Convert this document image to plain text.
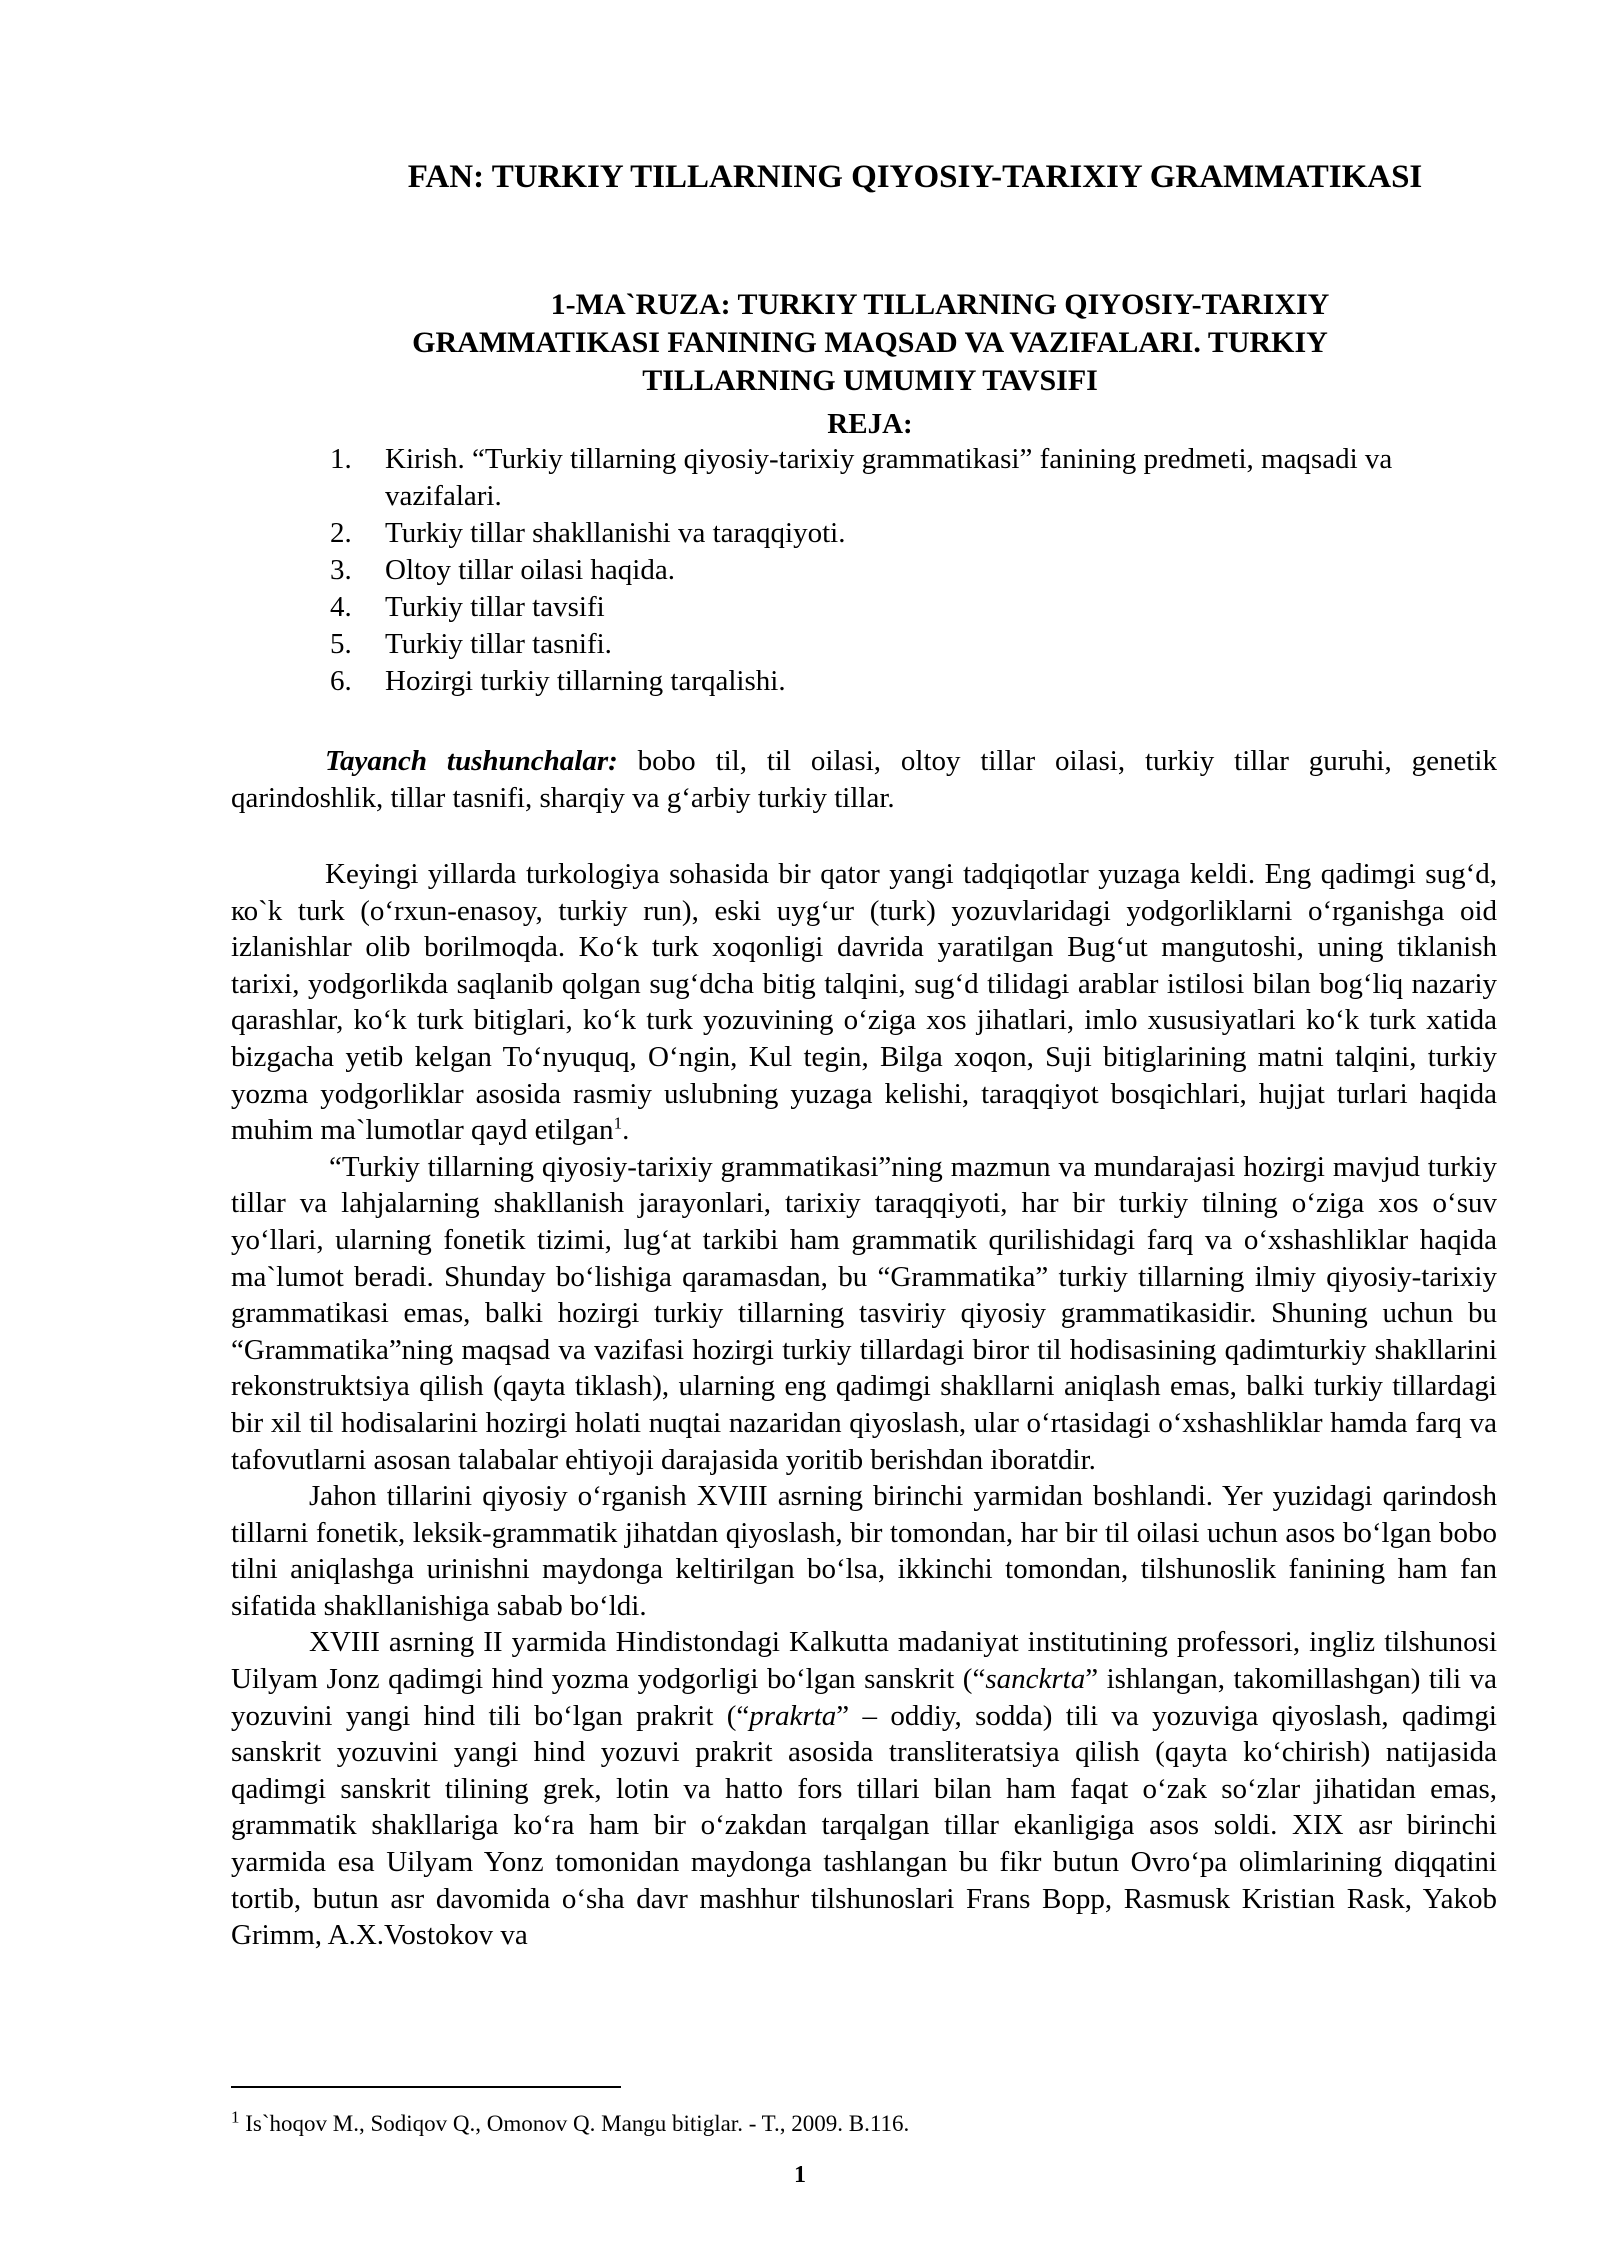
FAN: TURKIY TILLARNING QIYOSIY-TARIXIY GRAMMATIKASI
1-MA`RUZA: TURKIY TILLARNING QIYOSIY-TARIXIY
GRAMMATIKASI FANINING MAQSAD VA VAZIFALARI. TURKIY
TILLARNING UMUMIY TAVSIFI
REJA:
1. Kirish. “Turkiy tillarning qiyosiy-tarixiy grammatikasi” fanining predmeti, maqsadi va vazifalari.
2. Turkiy tillar shakllanishi va taraqqiyoti.
3. Oltoy tillar oilasi haqida.
4. Turkiy tillar tavsifi
5. Turkiy tillar tasnifi.
6. Hozirgi turkiy tillarning tarqalishi.

Tayanch tushunchalar: bobo til, til oilasi, oltoy tillar oilasi, turkiy tillar guruhi, genetik qarindoshlik, tillar tasnifi, sharqiy va g‘arbiy turkiy tillar.

Keyingi yillarda turkologiya sohasida bir qator yangi tadqiqotlar yuzaga keldi. Eng qadimgi sug‘d, ко`k turk (o‘rxun-enasoy, turkiy run), eski uyg‘ur (turk) yozuvlaridagi yodgorliklarni o‘rganishga oid izlanishlar olib borilmoqda. Ko‘k turk xoqonligi davrida yaratilgan Bug‘ut mangutoshi, uning tiklanish tarixi, yodgorlikda saqlanib qolgan sug‘dcha bitig talqini, sug‘d tilidagi arablar istilosi bilan bog‘liq nazariy qarashlar, ko‘k turk bitiglari, ko‘k turk yozuvining o‘ziga xos jihatlari, imlo xususiyatlari ko‘k turk xatida bizgacha yetib kelgan To‘nyuquq, O‘ngin, Kul tegin, Bilga xoqon, Suji bitiglarining matni talqini, turkiy yozma yodgorliklar asosida rasmiy uslubning yuzaga kelishi, taraqqiyot bosqichlari, hujjat turlari haqida muhim ma`lumotlar qayd etilgan$^1$.

“Turkiy tillarning qiyosiy-tarixiy grammatikasi”ning mazmun va mundarajasi hozirgi mavjud turkiy tillar va lahjalarning shakllanish jarayonlari, tarixiy taraqqiyoti, har bir turkiy tilning o‘ziga xos o‘suv yo‘llari, ularning fonetik tizimi, lug‘at tarkibi ham grammatik qurilishidagi farq va o‘xshashliklar haqida ma`lumot beradi. Shunday bo‘lishiga qaramasdan, bu “Grammatika” turkiy tillarning ilmiy qiyosiy-tarixiy grammatikasi emas, balki hozirgi turkiy tillarning tasviriy qiyosiy grammatikasidir. Shuning uchun bu “Grammatika”ning maqsad va vazifasi hozirgi turkiy tillardagi biror til hodisasining qadimturkiy shakllarini rekonstruktsiya qilish (qayta tiklash), ularning eng qadimgi shakllarni aniqlash emas, balki turkiy tillardagi bir xil til hodisalarini hozirgi holati nuqtai nazaridan qiyoslash, ular o‘rtasidagi o‘xshashliklar hamda farq va tafovutlarni asosan talabalar ehtiyoji darajasida yoritib berishdan iboratdir.

Jahon tillarini qiyosiy o‘rganish XVIII asrning birinchi yarmidan boshlandi. Yer yuzidagi qarindosh tillarni fonetik, leksik-grammatik jihatdan qiyoslash, bir tomondan, har bir til oilasi uchun asos bo‘lgan bobo tilni aniqlashga urinishni maydonga keltirilgan bo‘lsa, ikkinchi tomondan, tilshunoslik fanining ham fan sifatida shakllanishiga sabab bo‘ldi.

XVIII asrning II yarmida Hindistondagi Kalkutta madaniyat institutining professori, ingliz tilshunosi Uilyam Jonz qadimgi hind yozma yodgorligi bo‘lgan sanskrit (“sanckrta” ishlangan, takomillashgan) tili va yozuvini yangi hind tili bo‘lgan prakrit (“prakrta” – oddiy, sodda) tili va yozuviga qiyoslash, qadimgi sanskrit yozuvini yangi hind yozuvi prakrit asosida transliteratsiya qilish (qayta ko‘chirish) natijasida qadimgi sanskrit tilining grek, lotin va hatto fors tillari bilan ham faqat o‘zak so‘zlar jihatidan emas, grammatik shakllariga ko‘ra ham bir o‘zakdan tarqalgan tillar ekanligiga asos soldi. XIX asr birinchi yarmida esa Uilyam Yonz tomonidan maydonga tashlangan bu fikr butun Ovro‘pa olimlarining diqqatini tortib, butun asr davomida o‘sha davr mashhur tilshunoslari Frans Bopp, Rasmusk Kristian Rask, Yakob Grimm, A.X.Vostokov va

$^1$ Is`hoqov M., Sodiqov Q., Omonov Q. Mangu bitiglar. - T., 2009. B.116.
1
